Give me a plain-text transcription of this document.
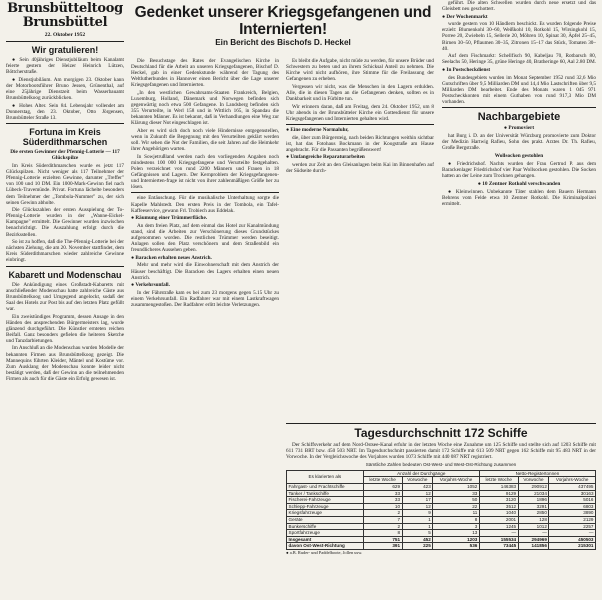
Brunsbütteltoog
Brunsbüttel
22. Oktober 1952
Wir gratulieren!

● Sein 40jähriges Dienstjubiläum beim Kanalamt feierte gestern der Heizer Heinrich Lützen, Böttcherstraße.

● Dienstjubiläum. Am morgigen 23. Oktober kann der Motorbootsführer Bruno Jessen, Grünenthal, auf eine 25jährige Dienstzeit beim Wasserbauamt Brunsbüttelkoog zurückblicken.

● Hohes Alter. Sein 84. Lebensjahr vollendet am Donnerstag, den 23. Oktober, Otto Jörgensen, Brunsbütteler Straße 13.

Fortuna im Kreis Süderdithmarschen
Die ersten Gewinner der Pfennig-Lotterie — 117 Glückspilze

Im Kreis Süderdithmarschen wurde es jetzt 117 Glückspilzen. Nicht weniger als 117 Teilnehmer der Pfennig-Lotterie erzielten Gewinne, darunter „Treffer" von 100 und 10 DM. Ein 1000-Mark-Gewinn fiel nach Lübeck-Travemünde. Privat. Fortuna lächelte besonders dem Teilnehmer der „Tombola-Nummer" zu, der sich seinen Gewinn abholte.

Die Glückszahlen der ersten Ausspielung der To-Pfennig-Lotterie wurden in der „Wanne-Eickel-Kampagne" ermittelt. Die Gewinner wurden inzwischen benachrichtigt. Die Auszahlung erfolgt durch die Bezirksstellen.

So ist zu hoffen, daß die The-Pfennig-Lotterie bei der nächsten Ziehung, die am 20. November stattfindet, dem Kreis Süderdithmarschen wieder zahlreiche Gewinne einbringt.

Kabarett und Modenschau

Die Ankündigung eines Großstadt-Kabaretts mit anschließender Modenschau hatte zahlreiche Gäste aus Brunsbüttelkoog und Umgegend angelockt, sodaß der Saal des Hotels zur Post bis auf den letzten Platz gefüllt war.

Ein zweistündiges Programm, dessen Ansage in den Händen des ansprechenden Bürgermeisters lag, wurde glänzend durchgeführt. Die Künstler ernteten reichen Beifall. Ganz besonders gefielen die heiteren Sketche und Tanzdarbietungen.

Im Anschluß an die Modenschau wurden Modelle der bekannten Firmen aus Brunsbüttelkoog gezeigt. Die Mannequins führten Kleider, Mäntel und Kostüme vor. Zum Ausklang der Modenschau konnte leider nicht bestätigt werden, daß der Gewinn an die teilnehmenden Firmen als auch für die Gäste ein Erfolg gewesen ist.

Gedenket unserer Kriegsgefangenen und Internierten!
Ein Bericht des Bischofs D. Heckel

Die Besuchstage des Rates der Evangelischen Kirche in Deutschland für die Arbeit an unseren Kriegsgefangenen, Bischof D. Heckel, gab in einer Gedenkstunde während der Tagung des Weltlutherbundes in Hannover einen Bericht über die Lage unserer Kriegsgefangenen und Internierten.

„In den westlichen Gewahrsams-Staaten Frankreich, Belgien, Luxemburg, Holland, Dänemark und Norwegen befinden sich gegenwärtig noch etwa 500 Gefangene. In Landsberg befinden sich 355 Verurteilte, in Werl 158 und in Wittlich 165, in Spandau die bekannten Männer. Es ist bekannt, daß in Verhandlungen eine Weg zur Klärung dieser Not eingeschlagen ist.

Aber es wird sich doch noch viele Hindernisse entgegenstellen, wenn in Zukunft die Begegnung mit den Verurteilten geklärt werden soll. Wir sehen die Not der Familien, die seit Jahren auf die Heimkehr ihrer Angehörigen warten.

In Sowjetrußland werden nach den vorliegenden Angaben noch mindestens 100 000 Kriegsgefangene und Verurteilte festgehalten. Polen verzeichnet von rund 2200 Männern und Frauen in 18 Gefängnissen und Lagern. Der Kernproblem der Kriegsgefangenen- und Internierten-frage ist nicht von ihrer zahlenmäßigen Größe her zu lösen.

eine Entäuschung. Für die musikalische Unterhaltung sorgte die Kapelle Mahlstedt. Den ersten Preis in der Tombola, ein Tafel-Kaffeeservice, gewann Frl. Trobiech aus Eddelak.

● Räumung einer Trümmerfläche.

An dem freien Platz, auf dem einmal das Hotel zur Kanalmündung stand, sind die Arbeiten zur Verschönerung dieses Grundstückes aufgenommen worden. Die restlichen Trümmer werden beseitigt. Anlagen sollen den Platz verschönern und dem Straßenbild ein freundlicheres Aussehen geben.

● Baracken erhalten neues Anstrich.

Mehr und mehr wird die Einwohnerschaft mit dem Anstrich der Häuser beschäftigt. Die Baracken des Lagers erhalten einen neuen Anstrich.

● Verkehrsunfall.

In der Fährstraße kam es bei zum 23 morgens gegen 5.15 Uhr zu einem Verkehrsunfall. Ein Radfahrer war mit einem Lastkraftwagen zusammengestoßen. Der Radfahrer erlitt leichte Verletzungen.

Es bleibt die Aufgabe, nicht müde zu werden, für unsere Brüder und Schwestern zu beten und an ihrem Schicksal Anteil zu nehmen. Die Kirche wird nicht aufhören, ihre Stimme für die Freilassung der Gefangenen zu erheben.

Vergessen wir nicht, was die Menschen in den Lagern erdulden. Alle, die in diesen Tagen an die Gefangenen denken, sollten es in Dankbarkeit und in Fürbitte tun.

Wir erinnern daran, daß am Freitag, dem 24. Oktober 1952, um 8 Uhr abends in der Brunsbütteler Kirche ein Gottesdienst für unsere Kriegsgefangenen und Internierten gehalten wird.

● Eine moderne Normaluhr,

die, über zum Bürgersteig, nach beiden Richtungen weithin sichtbar ist, hat das Fotohaus Bockmann in der Koogstraße am Hause angebracht. Für die Passanten begrüßenswert!

● Umfangreiche Reparaturarbeiten

werden zur Zeit an den Gleisanlagen beim Kai im Binnenhafen auf der Südseite durch-

geführt. Die alten Schwellen wurden durch neue ersetzt und das Gleisbett neu geschottert.

● Der Wochenmarkt

wurde gestern von 10 Händlern beschickt. Es wurden folgende Preise erzielt: Blumenkohl 30–60, Weißkohl 10, Rotkohl 15, Wirsingkohl 15, Porree 20, Zwiebeln 15, Sellerie 20, Möhren 10, Spinat 30, Äpfel 25–45, Birnen 30–50, Pflaumen 30–35, Zitronen 15–17 das Stück, Tomaten 30–40.

Auf dem Fischmarkt: Schellfisch 90, Kabeljau 70, Rotbarsch 80, Seelachs 50, Heringe 35, grüne Heringe 40, Bratheringe 60, Aal 2.80 DM.

● In Postscheckdienst

des Bundesgebiets wurden im Monat September 1952 rund 32,6 Mio Gutschriften über 9,5 Milliarden DM und 14,4 Mio Lastschriften über 9,5 Milliarden DM bearbeitet. Ende des Monats waren 1 045 971 Postscheckkonten mit einem Guthaben von rund 917,3 Mio DM vorhanden.

Nachbargebiete
● Promoviert

hat Burg i. D. an der Universität Würzburg promovierte zum Doktor der Medizin Hartwig Rafieu, Sohn des prakt. Arztes Dr. Th. Rafieu, Große Bergstraße.

Wollsocken gestohlen

● Friedrichshof. Nachts wurden der Frau Gertrud P. aus dem Barackenlager Friedrichshof vier Paar Wollsocken gestohlen. Die Socken hatten an der Leine zum Trocknen gehangen.

● 10 Zentner Rotkohl verschwanden

● Kleinwinnen. Unbekannte Täter stahlen dem Bauern Hermann Behrens vom Felde etwa 10 Zentner Rotkohl. Die Kriminalpolizei ermittelt.

Tagesdurchschnitt 172 Schiffe

Der Schiffsverkehr auf dem Nord-Ostsee-Kanal erfuhr in der letzten Woche eine Zunahme um 125 Schiffe und stellte sich auf 1203 Schiffe mit 611 731 BRT bzw. 450 503 NRT. Im Tagesdurchschnitt passierten damit 172 Schiffe mit 613 509 NRT gegen 162 Schiffe mit 95 483 NRT in der Vorwoche. In der Vergleichswoche des Vorjahres wurden 1073 Schiffe mit 440 087 NRT registriert.

Sämtliche Zahlen bedeuten Ost-West- und West-Ost-Richtung zusammen
Es klarierten als	Anzahl der Durchgänge			Netto-Registertonnen		
	letzte Woche	Vorwoche	Vorjahrs-Woche	letzte Woche	Vorwoche	Vorjahrs-Woche
Fahrgast- und Frachtschiffe	629	423	1052	146383	290912	437495
Tanker / Tankschiffe	33	12	33	9129	21034	30163
Fischerei-Fahrzeuge	33	17	50	3120	1896	5016
Schlepp-Fahrzeuge	10	12	22	3512	3291	6803
Kriegsfahrzeuge	2	9	11	1040	2850	3890
Geräte	7	1	8	2001	128	2129
Bunkerschiffe	2	1	3	1245	1012	2257
Sportfahrzeuge	8	5	13	—	—	—
Insgesamt	751	452	1203	155534	294969	450503
davon Ost-West-Richtung	391	225	536	73445	141856	215301
● a.B. Ruder- und Paddelboote, Jollen usw.
